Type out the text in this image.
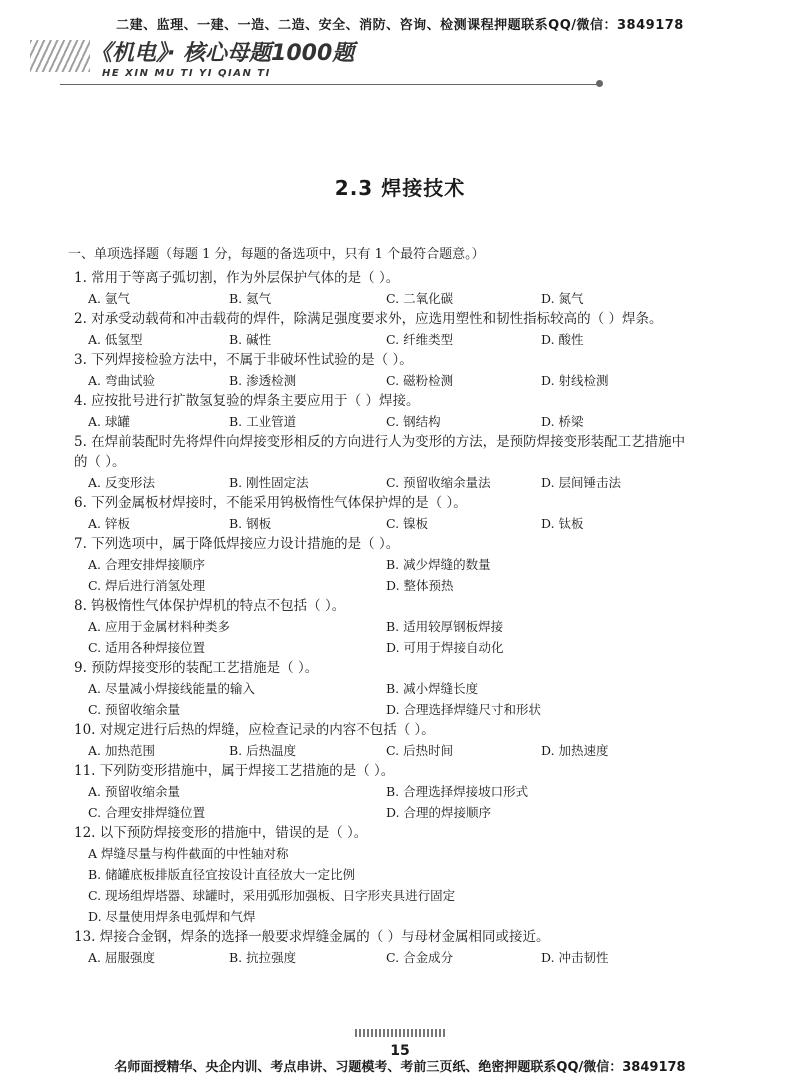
二建、监理、一建、一造、二造、安全、消防、咨询、检测课程押题联系QQ/微信：3849178
《机电》· 核心母题1000题
HE XIN MU TI YI QIAN TI
2.3 焊接技术
一、单项选择题（每题 1 分，每题的备选项中，只有 1 个最符合题意。）
1. 常用于等离子弧切割，作为外层保护气体的是（ ）。
A. 氩气	B. 氦气	C. 二氧化碳	D. 氮气
2. 对承受动载荷和冲击载荷的焊件，除满足强度要求外，应选用塑性和韧性指标较高的（ ）焊条。
A. 低氢型	B. 碱性	C. 纤维类型	D. 酸性
3. 下列焊接检验方法中，不属于非破坏性试验的是（ ）。
A. 弯曲试验	B. 渗透检测	C. 磁粉检测	D. 射线检测
4. 应按批号进行扩散氢复验的焊条主要应用于（ ）焊接。
A. 球罐	B. 工业管道	C. 钢结构	D. 桥梁
5. 在焊前装配时先将焊件向焊接变形相反的方向进行人为变形的方法，是预防焊接变形装配工艺措施中
的（ ）。
A. 反变形法	B. 刚性固定法	C. 预留收缩余量法	D. 层间锤击法
6. 下列金属板材焊接时，不能采用钨极惰性气体保护焊的是（ ）。
A. 锌板	B. 钢板	C. 镍板	D. 钛板
7. 下列选项中，属于降低焊接应力设计措施的是（ ）。
A. 合理安排焊接顺序	B. 减少焊缝的数量
C. 焊后进行消氢处理	D. 整体预热
8. 钨极惰性气体保护焊机的特点不包括（ ）。
A. 应用于金属材料种类多	B. 适用较厚钢板焊接
C. 适用各种焊接位置	D. 可用于焊接自动化
9. 预防焊接变形的装配工艺措施是（ ）。
A. 尽量减小焊接线能量的输入	B. 减小焊缝长度
C. 预留收缩余量	D. 合理选择焊缝尺寸和形状
10. 对规定进行后热的焊缝，应检查记录的内容不包括（ ）。
A. 加热范围	B. 后热温度	C. 后热时间	D. 加热速度
11. 下列防变形措施中，属于焊接工艺措施的是（ ）。
A. 预留收缩余量	B. 合理选择焊接坡口形式
C. 合理安排焊缝位置	D. 合理的焊接顺序
12. 以下预防焊接变形的措施中，错误的是（ ）。
A 焊缝尽量与构件截面的中性轴对称
B. 储罐底板排版直径宜按设计直径放大一定比例
C. 现场组焊塔器、球罐时，采用弧形加强板、日字形夹具进行固定
D. 尽量使用焊条电弧焊和气焊
13. 焊接合金钢，焊条的选择一般要求焊缝金属的（ ）与母材金属相同或接近。
A. 屈服强度	B. 抗拉强度	C. 合金成分	D. 冲击韧性
15
名师面授精华、央企内训、考点串讲、习题模考、考前三页纸、绝密押题联系QQ/微信：3849178
